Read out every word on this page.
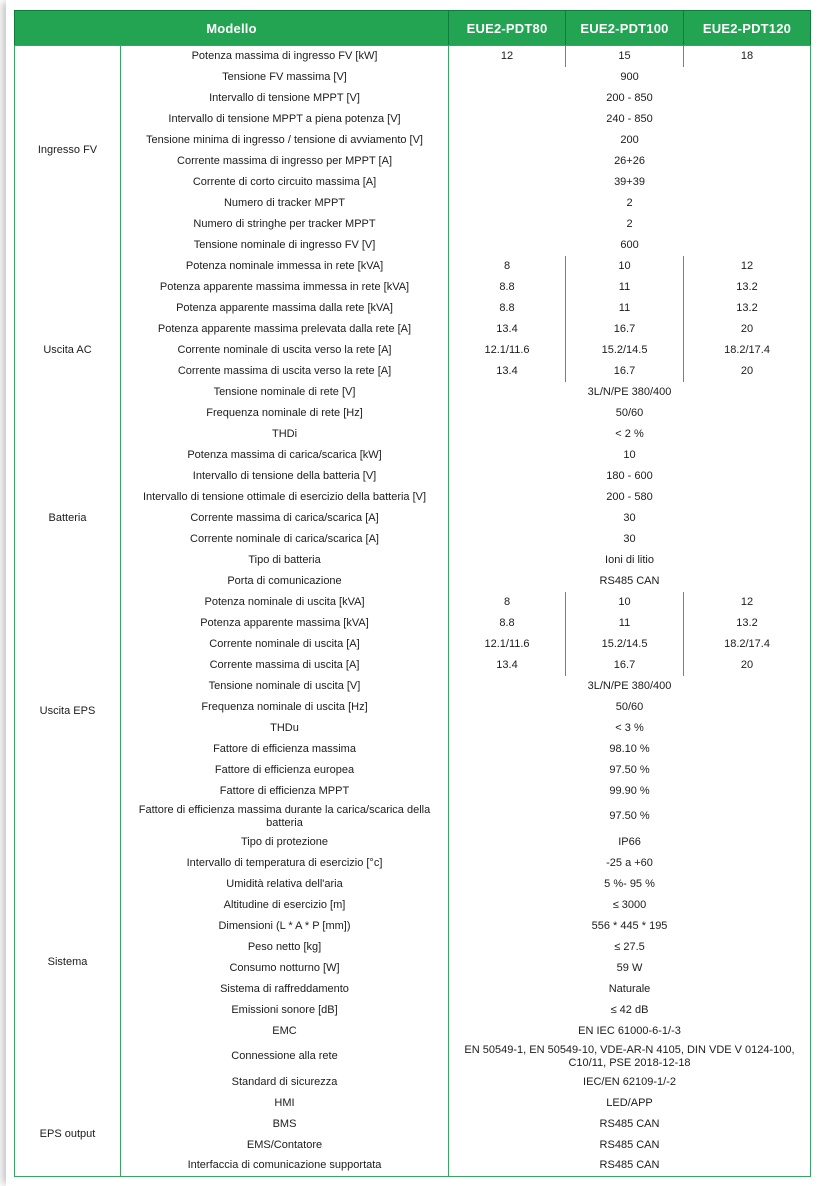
Modello		EUE2-PDT80	EUE2-PDT100	EUE2-PDT120
Ingresso FV	Potenza massima di ingresso FV [kW]	12	15	18
	Tensione FV massima [V]	900		
	Intervallo di tensione MPPT [V]	200 - 850		
	Intervallo di tensione MPPT a piena potenza [V]	240 - 850		
	Tensione minima di ingresso / tensione di avviamento [V]	200		
	Corrente massima di ingresso per MPPT [A]	26+26		
	Corrente di corto circuito massima [A]	39+39		
	Numero di tracker MPPT	2		
	Numero di stringhe per tracker MPPT	2		
	Tensione nominale di ingresso FV [V]	600		
Uscita AC	Potenza nominale immessa in rete [kVA]	8	10	12
	Potenza apparente massima immessa in rete [kVA]	8.8	11	13.2
	Potenza apparente massima dalla rete [kVA]	8.8	11	13.2
	Potenza apparente massima prelevata dalla rete [A]	13.4	16.7	20
	Corrente nominale di uscita verso la rete [A]	12.1/11.6	15.2/14.5	18.2/17.4
	Corrente massima di uscita verso la rete [A]	13.4	16.7	20
	Tensione nominale di rete [V]	3L/N/PE 380/400		
	Frequenza nominale di rete [Hz]	50/60		
	THDi	< 2 %		
Batteria	Potenza massima di carica/scarica [kW]	10		
	Intervallo di tensione della batteria [V]	180 - 600		
	Intervallo di tensione ottimale di esercizio della batteria [V]	200 - 580		
	Corrente massima di carica/scarica [A]	30		
	Corrente nominale di carica/scarica [A]	30		
	Tipo di batteria	Ioni di litio		
	Porta di comunicazione	RS485 CAN		
Uscita EPS	Potenza nominale di uscita [kVA]	8	10	12
	Potenza apparente massima [kVA]	8.8	11	13.2
	Corrente nominale di uscita [A]	12.1/11.6	15.2/14.5	18.2/17.4
	Corrente massima di uscita [A]	13.4	16.7	20
	Tensione nominale di uscita [V]	3L/N/PE 380/400		
	Frequenza nominale di uscita [Hz]	50/60		
	THDu	< 3 %		
	Fattore di efficienza massima	98.10 %		
	Fattore di efficienza europea	97.50 %		
	Fattore di efficienza MPPT	99.90 %		
	Fattore di efficienza massima durante la carica/scarica della batteria	97.50 %		
Sistema	Tipo di protezione	IP66		
	Intervallo di temperatura di esercizio [°c]	-25 a +60		
	Umidità relativa dell'aria	5 %- 95 %		
	Altitudine di esercizio [m]	≤ 3000		
	Dimensioni (L * A * P [mm])	556 * 445 * 195		
	Peso netto [kg]	≤ 27.5		
	Consumo notturno [W]	59 W		
	Sistema di raffreddamento	Naturale		
	Emissioni sonore [dB]	≤ 42 dB		
	EMC	EN IEC 61000-6-1/-3		
	Connessione alla rete	EN 50549-1, EN 50549-10, VDE-AR-N 4105, DIN VDE V 0124-100, C10/11, PSE 2018-12-18		
	Standard di sicurezza	IEC/EN 62109-1/-2		
EPS output	HMI	LED/APP		
	BMS	RS485 CAN		
	EMS/Contatore	RS485 CAN		
	Interfaccia di comunicazione supportata	RS485 CAN		
